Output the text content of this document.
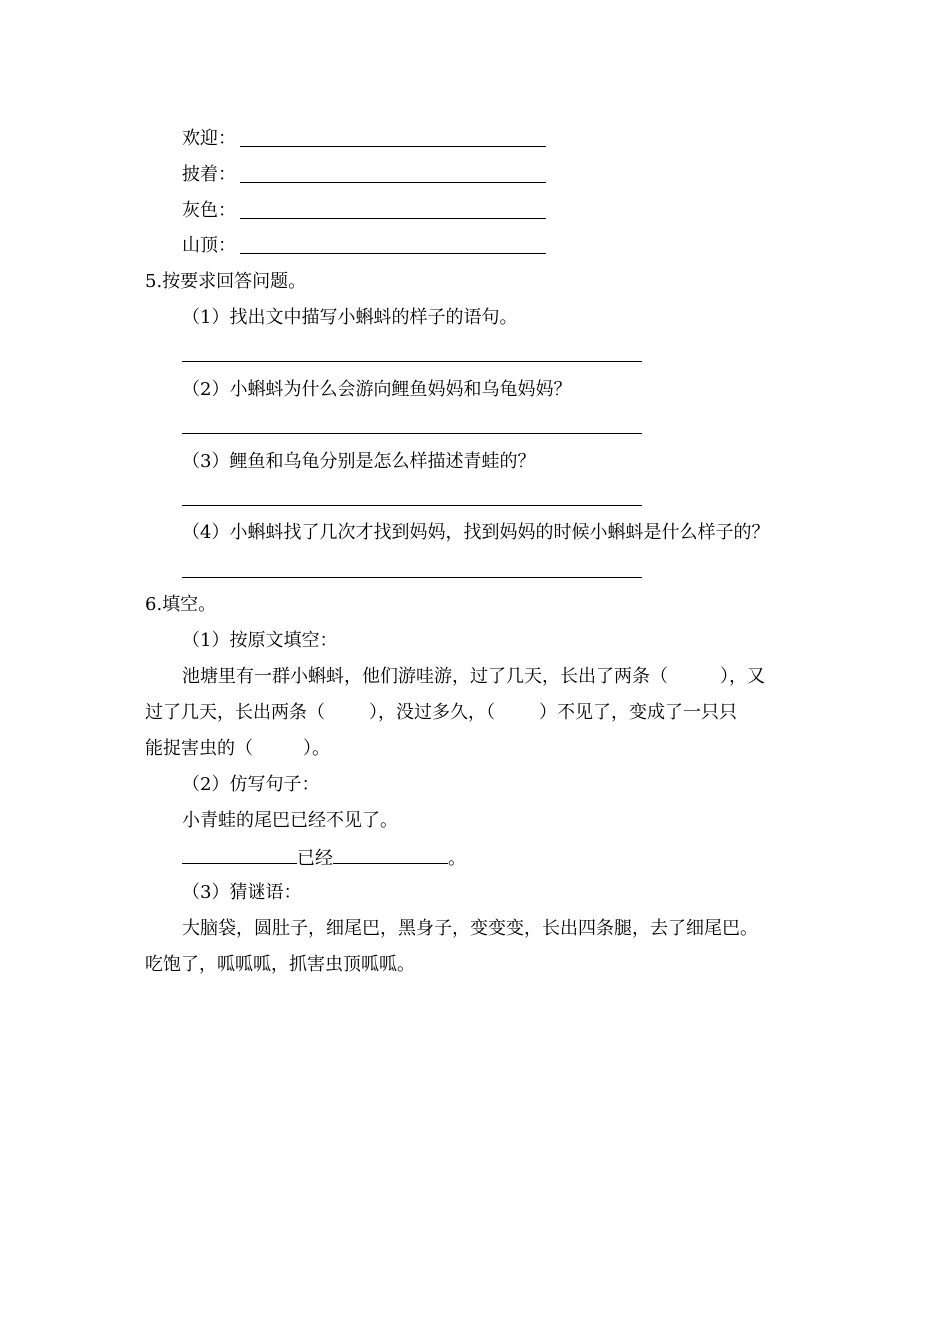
欢迎：
披着：
灰色：
山顶：
5.按要求回答问题。
（1）找出文中描写小蝌蚪的样子的语句。
（2）小蝌蚪为什么会游向鲤鱼妈妈和乌龟妈妈？
（3）鲤鱼和乌龟分别是怎么样描述青蛙的？
（4）小蝌蚪找了几次才找到妈妈，找到妈妈的时候小蝌蚪是什么样子的？
6.填空。
（1）按原文填空：
池塘里有一群小蝌蚪，他们游哇游，过了几天，长出了两条（	），又
过了几天，长出两条（ ），没过多久，（ ）不见了，变成了一只只
能捉害虫的（	）。
（2）仿写句子：
小青蛙的尾巴已经不见了。
已经	。
（3）猜谜语：
大脑袋，圆肚子，细尾巴，黑身子，变变变，长出四条腿，去了细尾巴。
吃饱了，呱呱呱，抓害虫顶呱呱。
